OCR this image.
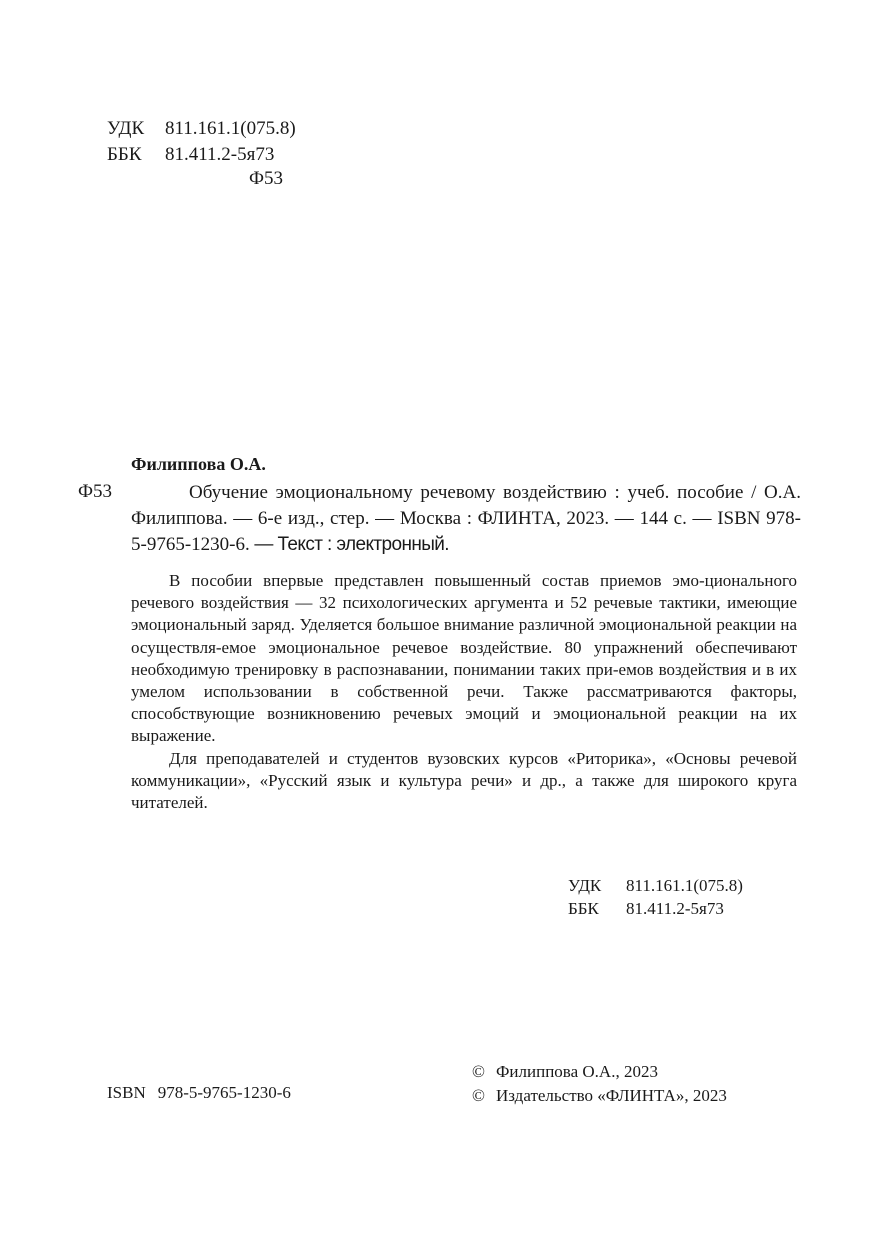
УДК 811.161.1(075.8)
ББК 81.411.2-5я73
Ф53
Филиппова О.А.
Ф53	Обучение эмоциональному речевому воздействию : учеб. пособие / О.А. Филиппова. — 6-е изд., стер. — Москва : ФЛИНТА, 2023. — 144 с. — ISBN 978-5-9765-1230-6. — Текст : электронный.

В пособии впервые представлен повышенный состав приемов эмо-ционального речевого воздействия — 32 психологических аргумента и 52 речевые тактики, имеющие эмоциональный заряд. Уделяется большое внимание различной эмоциональной реакции на осуществля-емое эмоциональное речевое воздействие. 80 упражнений обеспечивают необходимую тренировку в распознавании, понимании таких при-емов воздействия и в их умелом использовании в собственной речи. Также рассматриваются факторы, способствующие возникновению речевых эмоций и эмоциональной реакции на их выражение.

Для преподавателей и студентов вузовских курсов «Риторика», «Основы речевой коммуникации», «Русский язык и культура речи» и др., а также для широкого круга читателей.

УДК 811.161.1(075.8)
ББК 81.411.2-5я73
ISBN 978-5-9765-1230-6
© Филиппова О.А., 2023
© Издательство «ФЛИНТА», 2023
